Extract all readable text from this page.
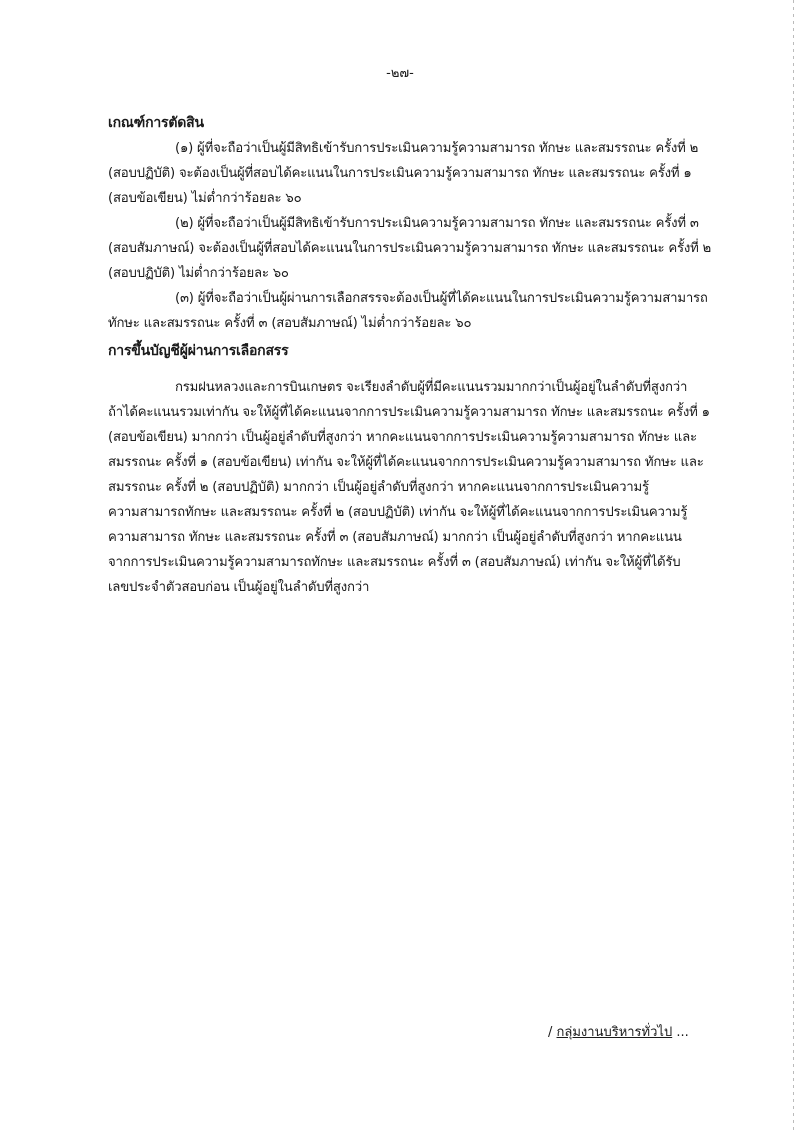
-๒๗-
เกณฑ์การตัดสิน
(๑) ผู้ที่จะถือว่าเป็นผู้มีสิทธิเข้ารับการประเมินความรู้ความสามารถ ทักษะ และสมรรถนะ ครั้งที่ ๒
(สอบปฏิบัติ) จะต้องเป็นผู้ที่สอบได้คะแนนในการประเมินความรู้ความสามารถ ทักษะ และสมรรถนะ ครั้งที่ ๑
(สอบข้อเขียน) ไม่ต่ำกว่าร้อยละ ๖๐
(๒) ผู้ที่จะถือว่าเป็นผู้มีสิทธิเข้ารับการประเมินความรู้ความสามารถ ทักษะ และสมรรถนะ ครั้งที่ ๓
(สอบสัมภาษณ์) จะต้องเป็นผู้ที่สอบได้คะแนนในการประเมินความรู้ความสามารถ ทักษะ และสมรรถนะ ครั้งที่ ๒
(สอบปฏิบัติ) ไม่ต่ำกว่าร้อยละ ๖๐
(๓) ผู้ที่จะถือว่าเป็นผู้ผ่านการเลือกสรรจะต้องเป็นผู้ที่ได้คะแนนในการประเมินความรู้ความสามารถ
ทักษะ และสมรรถนะ ครั้งที่ ๓ (สอบสัมภาษณ์) ไม่ต่ำกว่าร้อยละ ๖๐
การขึ้นบัญชีผู้ผ่านการเลือกสรร
กรมฝนหลวงและการบินเกษตร จะเรียงลำดับผู้ที่มีคะแนนรวมมากกว่าเป็นผู้อยู่ในลำดับที่สูงกว่า
ถ้าได้คะแนนรวมเท่ากัน จะให้ผู้ที่ได้คะแนนจากการประเมินความรู้ความสามารถ ทักษะ และสมรรถนะ ครั้งที่ ๑
(สอบข้อเขียน) มากกว่า เป็นผู้อยู่ลำดับที่สูงกว่า หากคะแนนจากการประเมินความรู้ความสามารถ ทักษะ และ
สมรรถนะ ครั้งที่ ๑ (สอบข้อเขียน) เท่ากัน จะให้ผู้ที่ได้คะแนนจากการประเมินความรู้ความสามารถ ทักษะ และ
สมรรถนะ ครั้งที่ ๒ (สอบปฏิบัติ) มากกว่า เป็นผู้อยู่ลำดับที่สูงกว่า หากคะแนนจากการประเมินความรู้
ความสามารถทักษะ และสมรรถนะ ครั้งที่ ๒ (สอบปฏิบัติ) เท่ากัน จะให้ผู้ที่ได้คะแนนจากการประเมินความรู้
ความสามารถ ทักษะ และสมรรถนะ ครั้งที่ ๓ (สอบสัมภาษณ์) มากกว่า เป็นผู้อยู่ลำดับที่สูงกว่า หากคะแนน
จากการประเมินความรู้ความสามารถทักษะ และสมรรถนะ ครั้งที่ ๓ (สอบสัมภาษณ์) เท่ากัน จะให้ผู้ที่ได้รับ
เลขประจำตัวสอบก่อน เป็นผู้อยู่ในลำดับที่สูงกว่า
/ กลุ่มงานบริหารทั่วไป ...
